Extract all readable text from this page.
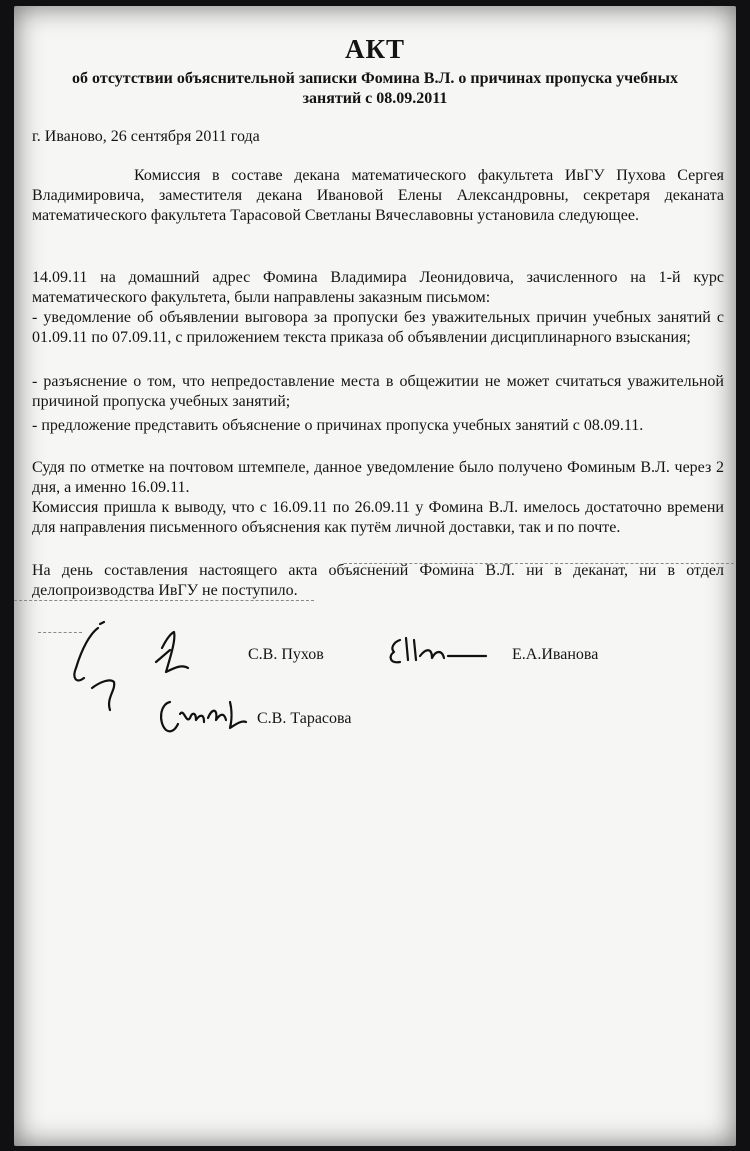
АКТ
об отсутствии объяснительной записки Фомина В.Л. о причинах пропуска учебных
занятий с 08.09.2011
г. Иваново, 26 сентября 2011 года

Комиссия в составе декана математического факультета ИвГУ Пухова Сергея Владимировича, заместителя декана Ивановой Елены Александровны, секретаря деканата математического факультета Тарасовой Светланы Вячеславовны установила следующее.

14.09.11 на домашний адрес Фомина Владимира Леонидовича, зачисленного на 1-й курс математического факультета, были направлены заказным письмом:

- уведомление об объявлении выговора за пропуски без уважительных причин учебных занятий с 01.09.11 по 07.09.11, с приложением текста приказа об объявлении дисциплинарного взыскания;

- разъяснение о том, что непредоставление места в общежитии не может считаться уважительной причиной пропуска учебных занятий;

- предложение представить объяснение о причинах пропуска учебных занятий с 08.09.11.

Судя по отметке на почтовом штемпеле, данное уведомление было получено Фоминым В.Л. через 2 дня, а именно 16.09.11.

Комиссия пришла к выводу, что с 16.09.11 по 26.09.11 у Фомина В.Л. имелось достаточно времени для направления письменного объяснения как путём личной доставки, так и по почте.

На день составления настоящего акта объяснений Фомина В.Л. ни в деканат, ни в отдел делопроизводства ИвГУ не поступило.

С.В. Пухов	Е.А.Иванова
С.В. Тарасова
